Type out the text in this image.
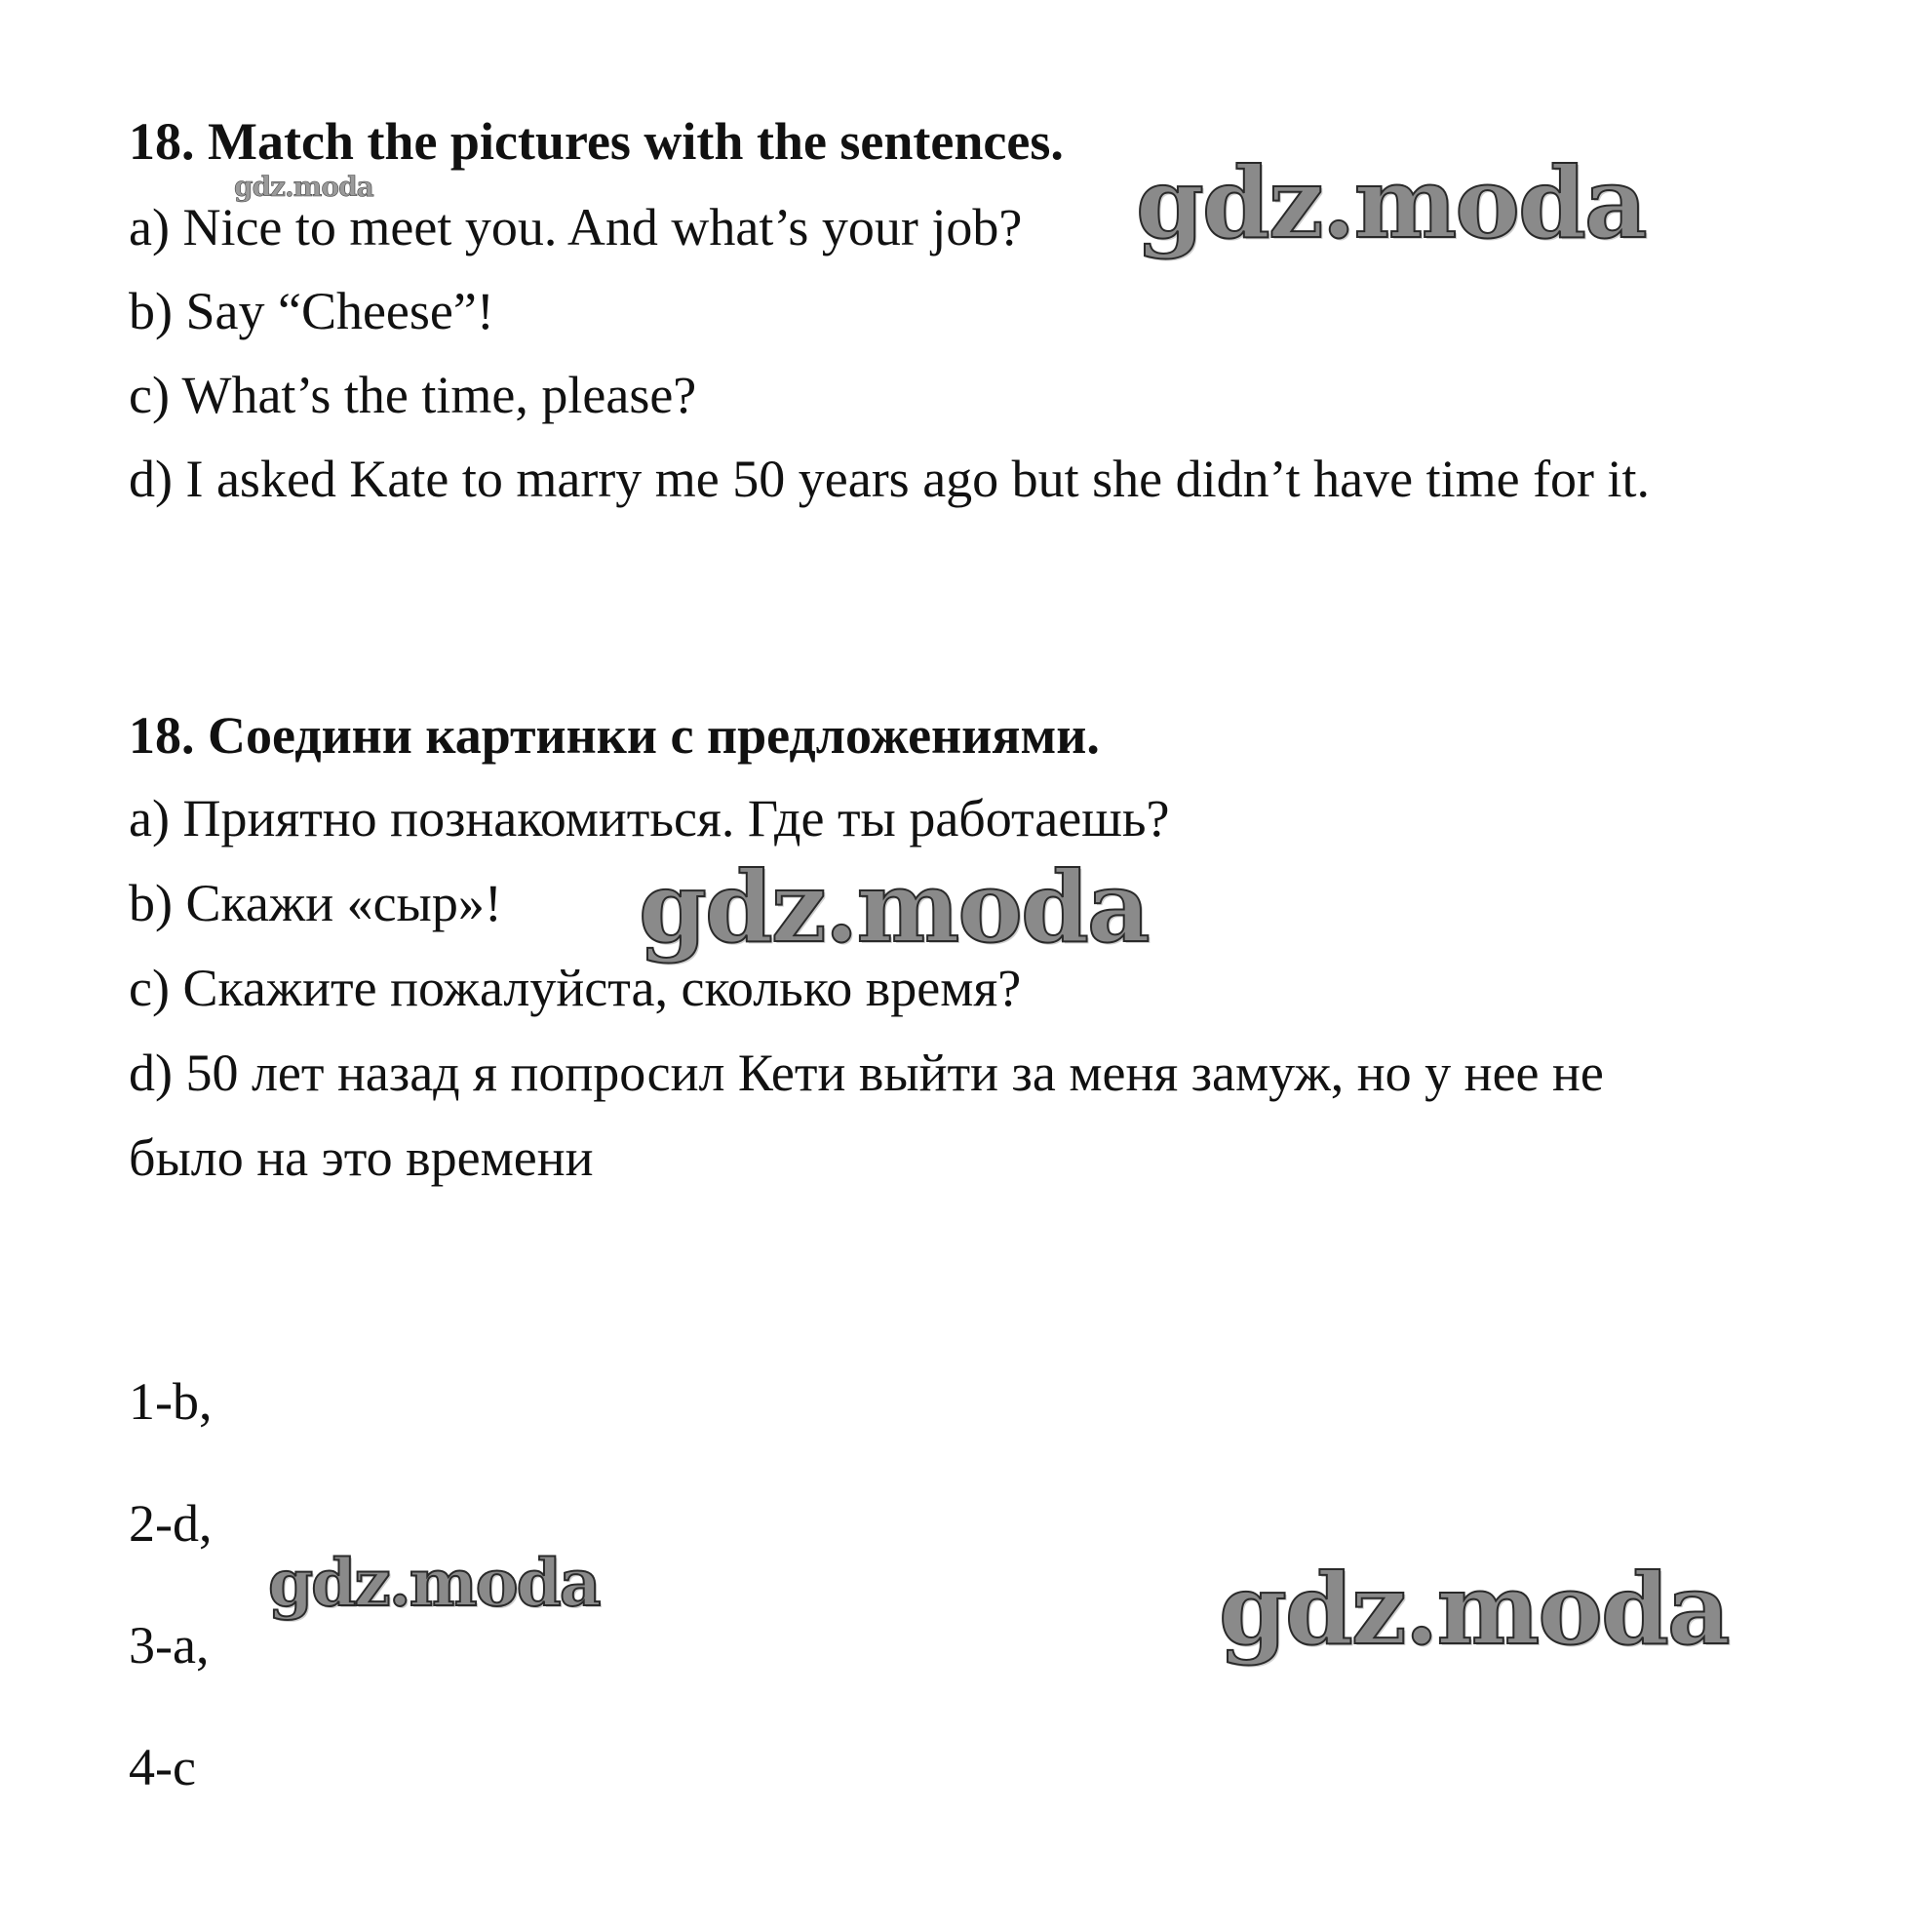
18. Match the pictures with the sentences.
a) Nice to meet you. And what’s your job?
b) Say “Cheese”!
c) What’s the time, please?
d) I asked Kate to marry me 50 years ago but she didn’t have time for it.
18. Соедини картинки с предложениями.
a) Приятно познакомиться. Где ты работаешь?
b) Скажи «сыр»!
c) Скажите пожалуйста, сколько время?
d) 50 лет назад я попросил Кети выйти за меня замуж, но у нее не
было на это времени
1-b,
2-d,
3-a,
4-c
gdz.moda	gdz.moda
gdz.moda
gdz.moda	gdz.moda
